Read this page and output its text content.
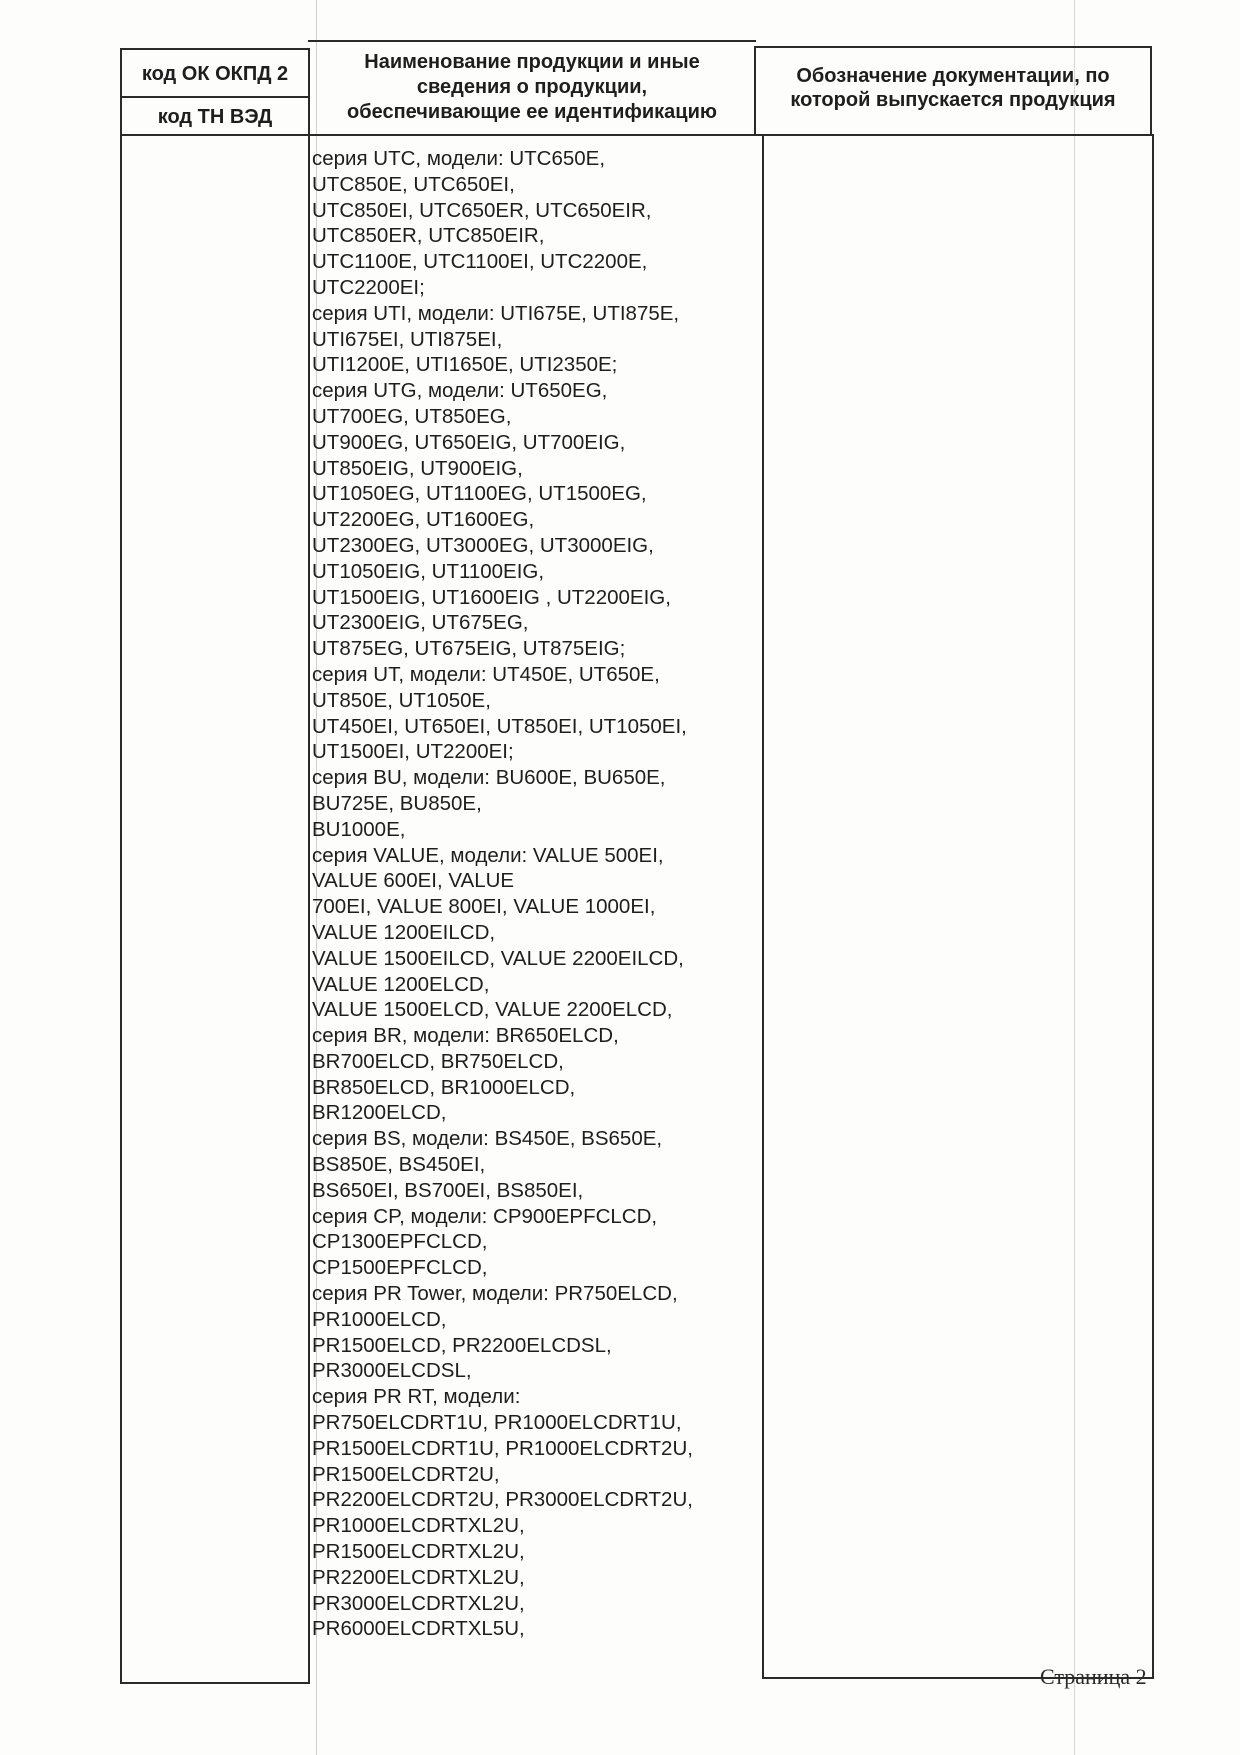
код ОК ОКПД 2
код ТН ВЭД
Наименование продукции и иные
сведения о продукции,
обеспечивающие ее идентификацию
Обозначение документации, по
которой выпускается продукция
серия UTC, модели: UTC650E,
UTC850E, UTC650EI,
UTC850EI, UTC650ER, UTC650EIR,
UTC850ER, UTC850EIR,
UTC1100E, UTC1100EI, UTC2200E,
UTC2200EI;
серия UTI, модели: UTI675E, UTI875E,
UTI675EI, UTI875EI,
UTI1200E, UTI1650E, UTI2350E;
серия UTG, модели: UT650EG,
UT700EG, UT850EG,
UT900EG, UT650EIG, UT700EIG,
UT850EIG, UT900EIG,
UT1050EG, UT1100EG, UT1500EG,
UT2200EG, UT1600EG,
UT2300EG, UT3000EG, UT3000EIG,
UT1050EIG, UT1100EIG,
UT1500EIG, UT1600EIG , UT2200EIG,
UT2300EIG, UT675EG,
UT875EG, UT675EIG, UT875EIG;
серия UT, модели: UT450E, UT650E,
UT850E, UT1050E,
UT450EI, UT650EI, UT850EI, UT1050EI,
UT1500EI, UT2200EI;
серия BU, модели: BU600E, BU650E,
BU725E, BU850E,
BU1000E,
серия VALUE, модели: VALUE 500EI,
VALUE 600EI, VALUE
700EI, VALUE 800EI, VALUE 1000EI,
VALUE 1200EILCD,
VALUE 1500EILCD, VALUE 2200EILCD,
VALUE 1200ELCD,
VALUE 1500ELCD, VALUE 2200ELCD,
серия BR, модели: BR650ELCD,
BR700ELCD, BR750ELCD,
BR850ELCD, BR1000ELCD,
BR1200ELCD,
серия BS, модели: BS450E, BS650E,
BS850E, BS450EI,
BS650EI, BS700EI, BS850EI,
серия CP, модели: CP900EPFCLCD,
CP1300EPFCLCD,
CP1500EPFCLCD,
серия PR Tower, модели: PR750ELCD,
PR1000ELCD,
PR1500ELCD, PR2200ELCDSL,
PR3000ELCDSL,
серия PR RT, модели:
PR750ELCDRT1U, PR1000ELCDRT1U,
PR1500ELCDRT1U, PR1000ELCDRT2U,
PR1500ELCDRT2U,
PR2200ELCDRT2U, PR3000ELCDRT2U,
PR1000ELCDRTXL2U,
PR1500ELCDRTXL2U,
PR2200ELCDRTXL2U,
PR3000ELCDRTXL2U,
PR6000ELCDRTXL5U,
Страница 2
